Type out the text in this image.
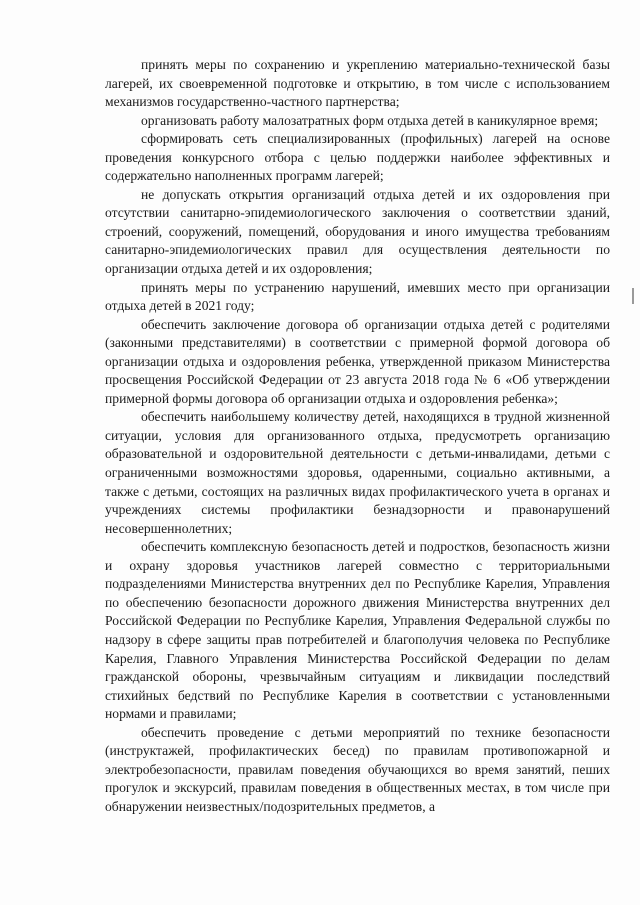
принять меры по сохранению и укреплению материально-технической базы лагерей, их своевременной подготовке и открытию, в том числе с использованием механизмов государственно-частного партнерства;

организовать работу малозатратных форм отдыха детей в каникулярное время;

сформировать сеть специализированных (профильных) лагерей на основе проведения конкурсного отбора с целью поддержки наиболее эффективных и содержательно наполненных программ лагерей;

не допускать открытия организаций отдыха детей и их оздоровления при отсутствии санитарно-эпидемиологического заключения о соответствии зданий, строений, сооружений, помещений, оборудования и иного имущества требованиям санитарно-эпидемиологических правил для осуществления деятельности по организации отдыха детей и их оздоровления;

принять меры по устранению нарушений, имевших место при организации отдыха детей в 2021 году;

обеспечить заключение договора об организации отдыха детей с родителями (законными представителями) в соответствии с примерной формой договора об организации отдыха и оздоровления ребенка, утвержденной приказом Министерства просвещения Российской Федерации от 23 августа 2018 года № 6 «Об утверждении примерной формы договора об организации отдыха и оздоровления ребенка»;

обеспечить наибольшему количеству детей, находящихся в трудной жизненной ситуации, условия для организованного отдыха, предусмотреть организацию образовательной и оздоровительной деятельности с детьми-инвалидами, детьми с ограниченными возможностями здоровья, одаренными, социально активными, а также с детьми, состоящих на различных видах профилактического учета в органах и учреждениях системы профилактики безнадзорности и правонарушений несовершеннолетних;

обеспечить комплексную безопасность детей и подростков, безопасность жизни и охрану здоровья участников лагерей совместно с территориальными подразделениями Министерства внутренних дел по Республике Карелия, Управления по обеспечению безопасности дорожного движения Министерства внутренних дел Российской Федерации по Республике Карелия, Управления Федеральной службы по надзору в сфере защиты прав потребителей и благополучия человека по Республике Карелия, Главного Управления Министерства Российской Федерации по делам гражданской обороны, чрезвычайным ситуациям и ликвидации последствий стихийных бедствий по Республике Карелия в соответствии с установленными нормами и правилами;

обеспечить проведение с детьми мероприятий по технике безопасности (инструктажей, профилактических бесед) по правилам противопожарной и электробезопасности, правилам поведения обучающихся во время занятий, пеших прогулок и экскурсий, правилам поведения в общественных местах, в том числе при обнаружении неизвестных/подозрительных предметов, а
